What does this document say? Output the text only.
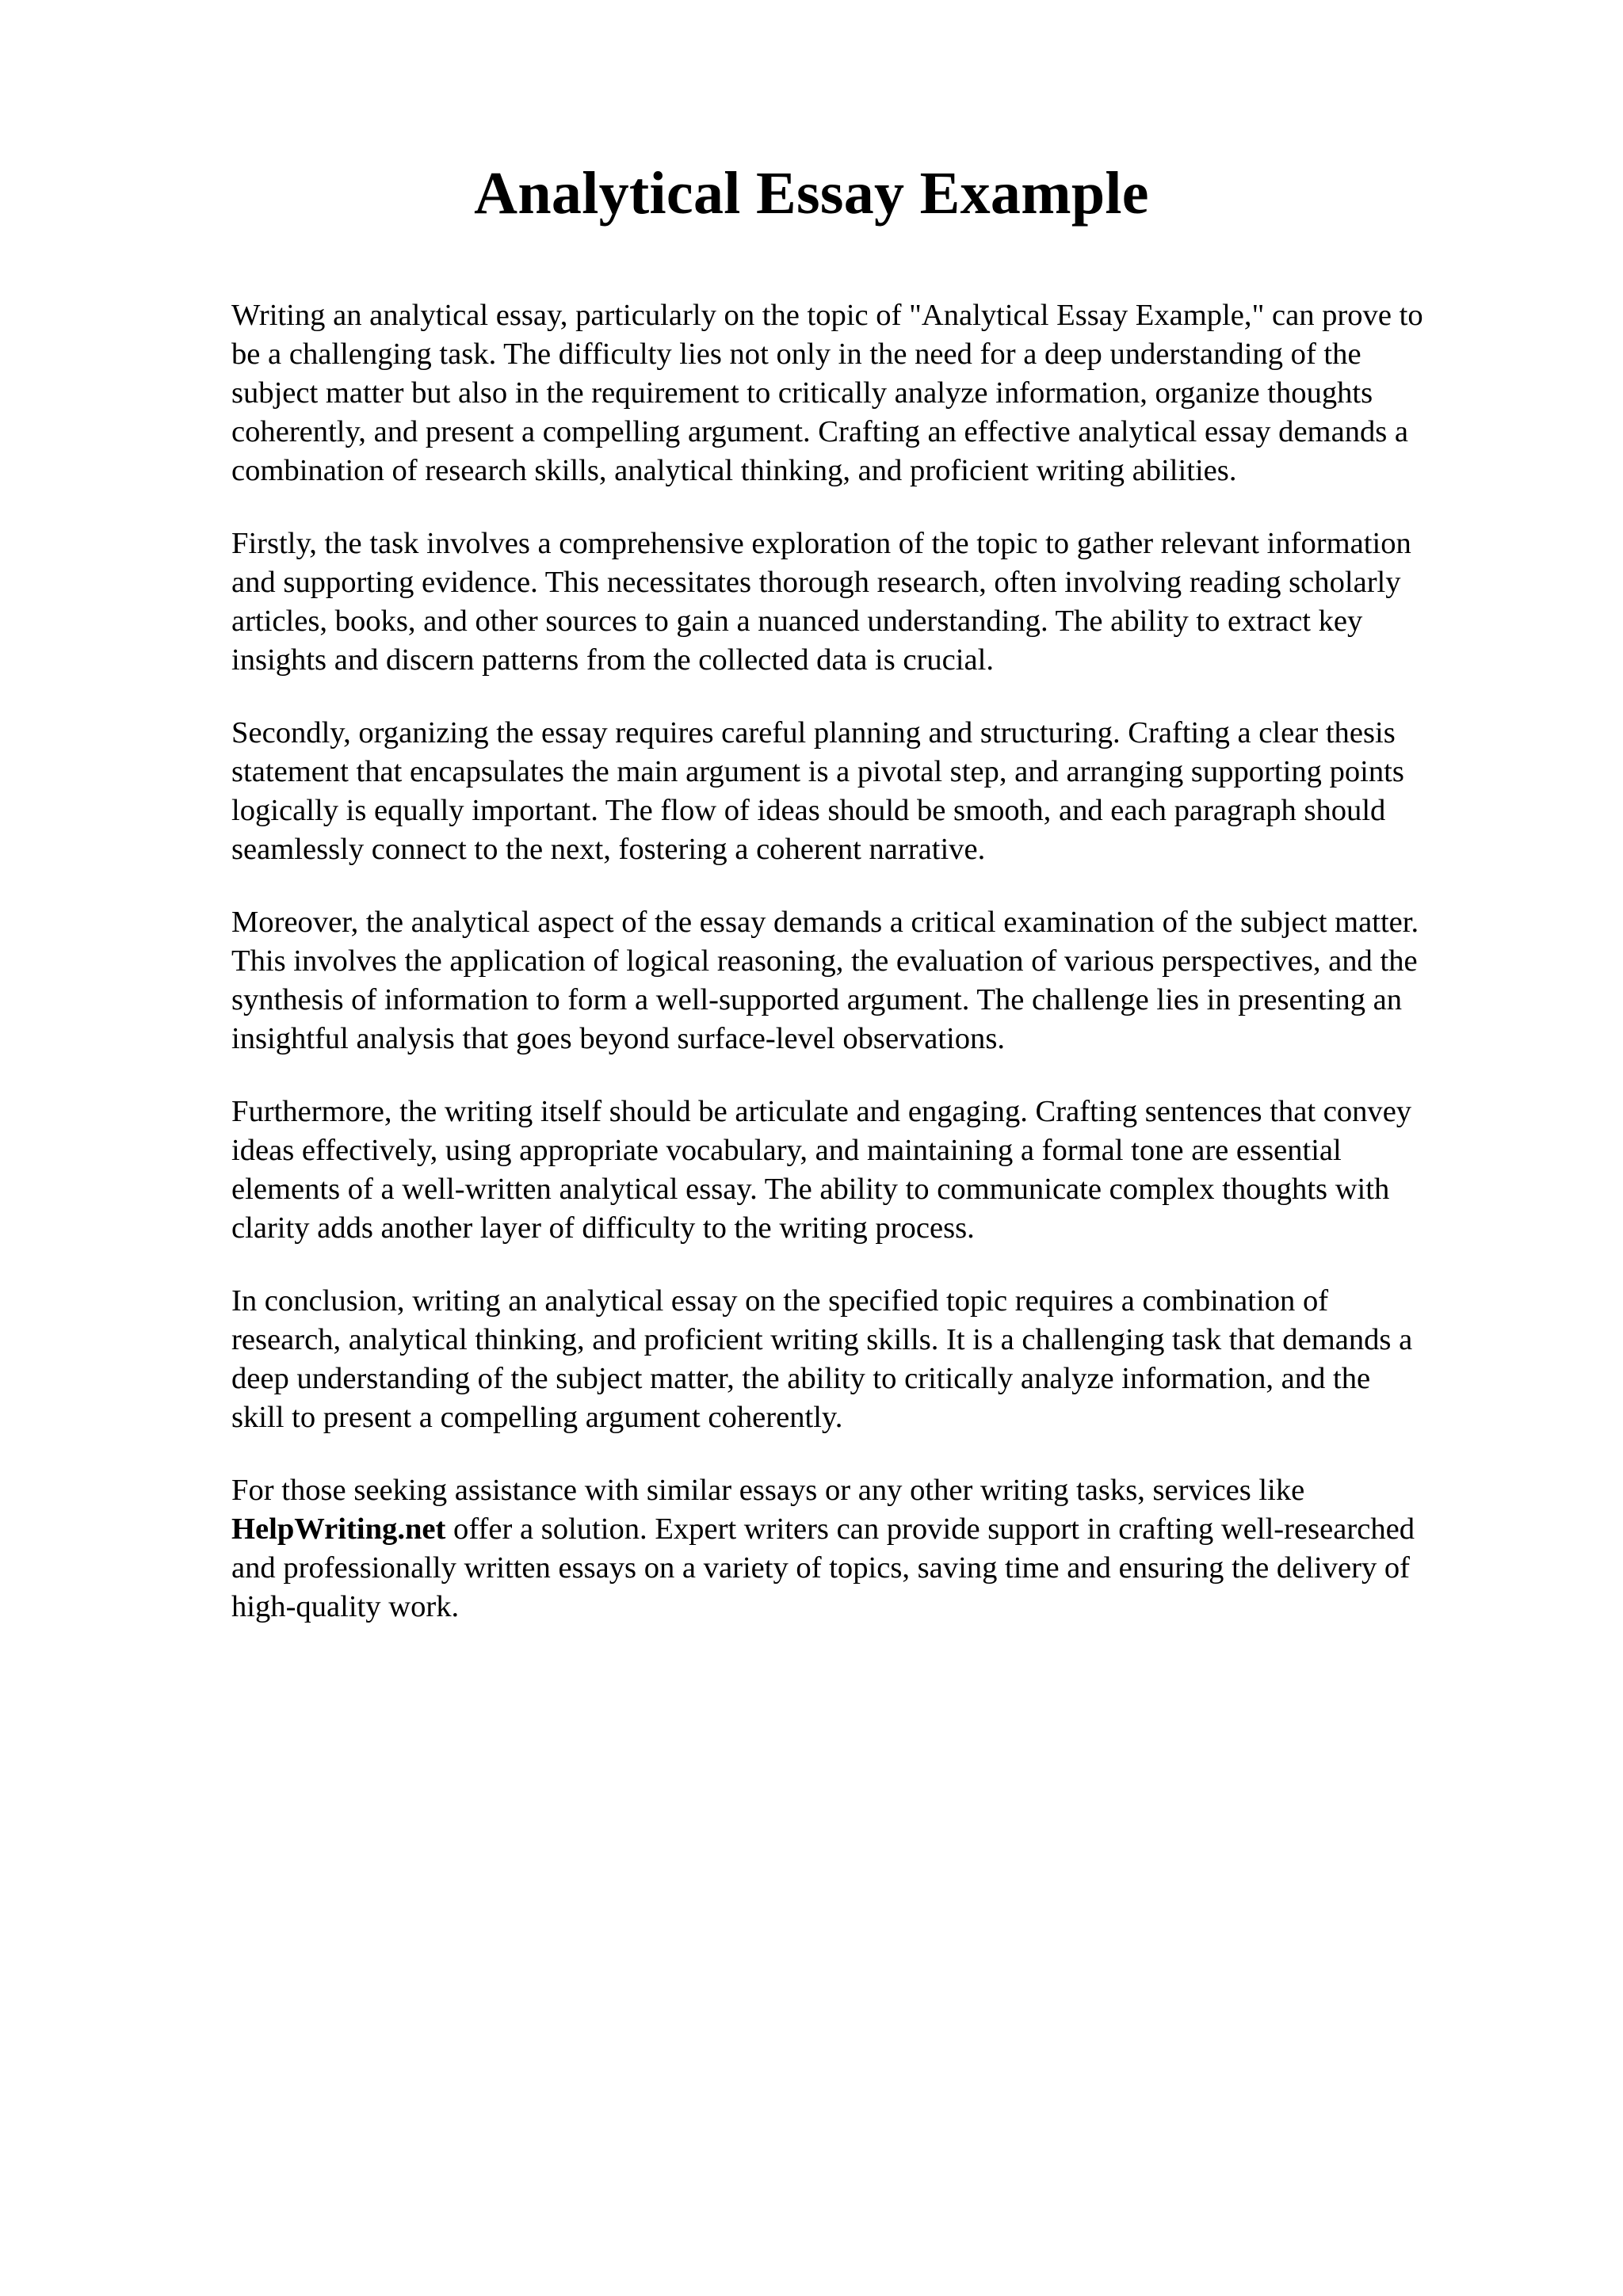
Analytical Essay Example

Writing an analytical essay, particularly on the topic of "Analytical Essay Example," can prove to
be a challenging task. The difficulty lies not only in the need for a deep understanding of the
subject matter but also in the requirement to critically analyze information, organize thoughts
coherently, and present a compelling argument. Crafting an effective analytical essay demands a
combination of research skills, analytical thinking, and proficient writing abilities.

Firstly, the task involves a comprehensive exploration of the topic to gather relevant information
and supporting evidence. This necessitates thorough research, often involving reading scholarly
articles, books, and other sources to gain a nuanced understanding. The ability to extract key
insights and discern patterns from the collected data is crucial.

Secondly, organizing the essay requires careful planning and structuring. Crafting a clear thesis
statement that encapsulates the main argument is a pivotal step, and arranging supporting points
logically is equally important. The flow of ideas should be smooth, and each paragraph should
seamlessly connect to the next, fostering a coherent narrative.

Moreover, the analytical aspect of the essay demands a critical examination of the subject matter.
This involves the application of logical reasoning, the evaluation of various perspectives, and the
synthesis of information to form a well-supported argument. The challenge lies in presenting an
insightful analysis that goes beyond surface-level observations.

Furthermore, the writing itself should be articulate and engaging. Crafting sentences that convey
ideas effectively, using appropriate vocabulary, and maintaining a formal tone are essential
elements of a well-written analytical essay. The ability to communicate complex thoughts with
clarity adds another layer of difficulty to the writing process.

In conclusion, writing an analytical essay on the specified topic requires a combination of
research, analytical thinking, and proficient writing skills. It is a challenging task that demands a
deep understanding of the subject matter, the ability to critically analyze information, and the
skill to present a compelling argument coherently.

For those seeking assistance with similar essays or any other writing tasks, services like
HelpWriting.net offer a solution. Expert writers can provide support in crafting well-researched
and professionally written essays on a variety of topics, saving time and ensuring the delivery of
high-quality work.
